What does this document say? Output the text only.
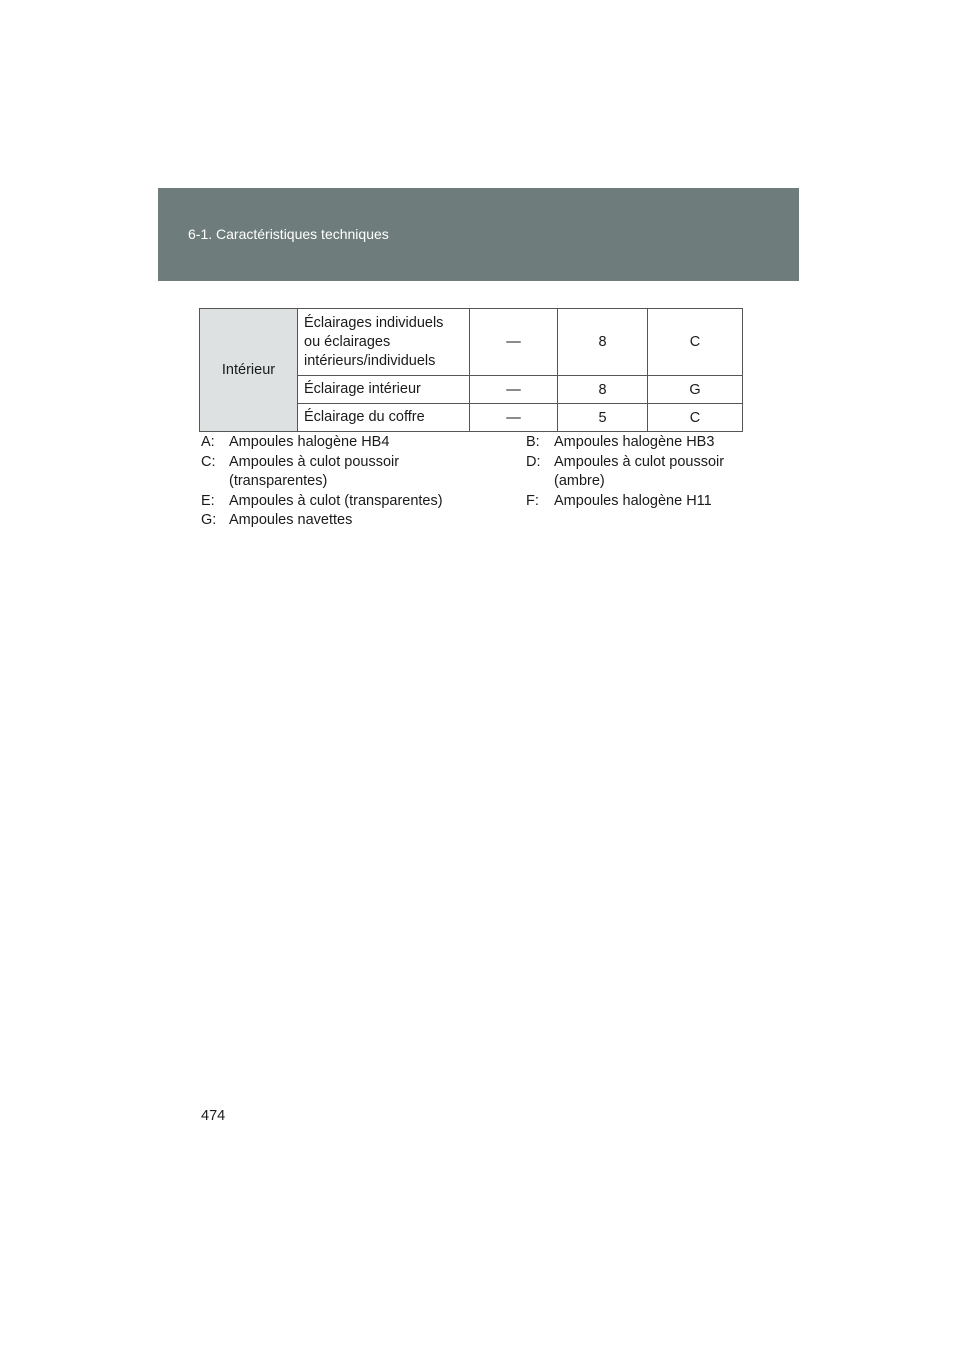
6-1. Caractéristiques techniques
Intérieur	Éclairages individuels ou éclairages intérieurs/individuels	—	8	C
	Éclairage intérieur	—	8	G
	Éclairage du coffre	—	5	C
A: Ampoules halogène HB4
C: Ampoules à culot poussoir (transparentes)
E: Ampoules à culot (transparentes)
G: Ampoules navettes
B: Ampoules halogène HB3
D: Ampoules à culot poussoir (ambre)
F:	Ampoules halogène H11
474
